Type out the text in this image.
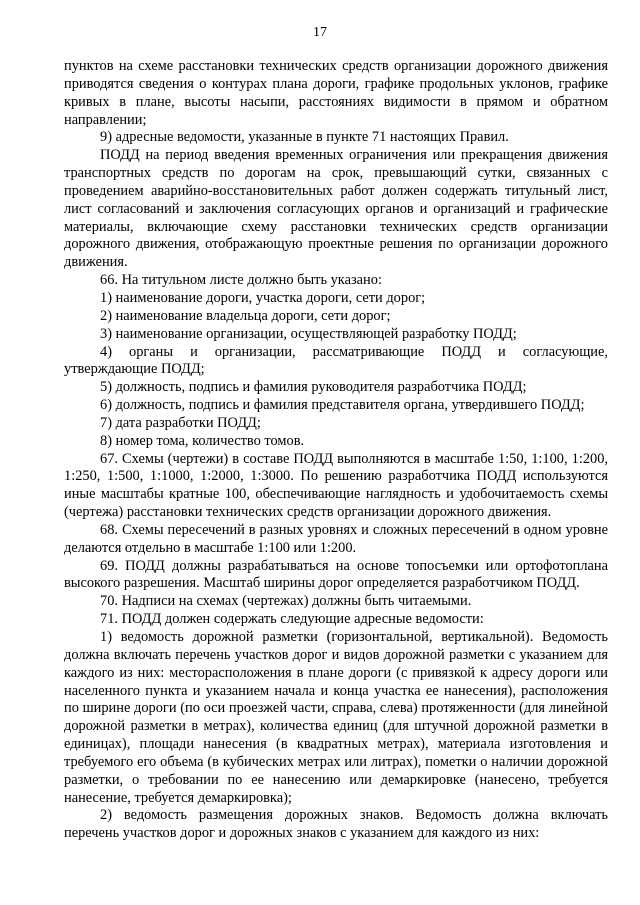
17

пунктов на схеме расстановки технических средств организации дорожного движения приводятся сведения о контурах плана дороги, графике продольных уклонов, графике кривых в плане, высоты насыпи, расстояниях видимости в прямом и обратном направлении;

9) адресные ведомости, указанные в пункте 71 настоящих Правил.

ПОДД на период введения временных ограничения или прекращения движения транспортных средств по дорогам на срок, превышающий сутки, связанных с проведением аварийно-восстановительных работ должен содержать титульный лист, лист согласований и заключения согласующих органов и организаций и графические материалы, включающие схему расстановки технических средств организации дорожного движения, отображающую проектные решения по организации дорожного движения.

66. На титульном листе должно быть указано:

1) наименование дороги, участка дороги, сети дорог;

2) наименование владельца дороги, сети дорог;

3) наименование организации, осуществляющей разработку ПОДД;

4) органы и организации, рассматривающие ПОДД и согласующие, утверждающие ПОДД;

5) должность, подпись и фамилия руководителя разработчика ПОДД;

6) должность, подпись и фамилия представителя органа, утвердившего ПОДД;

7) дата разработки ПОДД;

8) номер тома, количество томов.

67. Схемы (чертежи) в составе ПОДД выполняются в масштабе 1:50, 1:100, 1:200, 1:250, 1:500, 1:1000, 1:2000, 1:3000. По решению разработчика ПОДД используются иные масштабы кратные 100, обеспечивающие наглядность и удобочитаемость схемы (чертежа) расстановки технических средств организации дорожного движения.

68. Схемы пересечений в разных уровнях и сложных пересечений в одном уровне делаются отдельно в масштабе 1:100 или 1:200.

69. ПОДД должны разрабатываться на основе топосъемки или ортофотоплана высокого разрешения. Масштаб ширины дорог определяется разработчиком ПОДД.

70. Надписи на схемах (чертежах) должны быть читаемыми.

71. ПОДД должен содержать следующие адресные ведомости:

1) ведомость дорожной разметки (горизонтальной, вертикальной). Ведомость должна включать перечень участков дорог и видов дорожной разметки с указанием для каждого из них: месторасположения в плане дороги (с привязкой к адресу дороги или населенного пункта и указанием начала и конца участка ее нанесения), расположения по ширине дороги (по оси проезжей части, справа, слева) протяженности (для линейной дорожной разметки в метрах), количества единиц (для штучной дорожной разметки в единицах), площади нанесения (в квадратных метрах), материала изготовления и требуемого его объема (в кубических метрах или литрах), пометки о наличии дорожной разметки, о требовании по ее нанесению или демаркировке (нанесено, требуется нанесение, требуется демаркировка);

2) ведомость размещения дорожных знаков. Ведомость должна включать перечень участков дорог и дорожных знаков с указанием для каждого из них:
